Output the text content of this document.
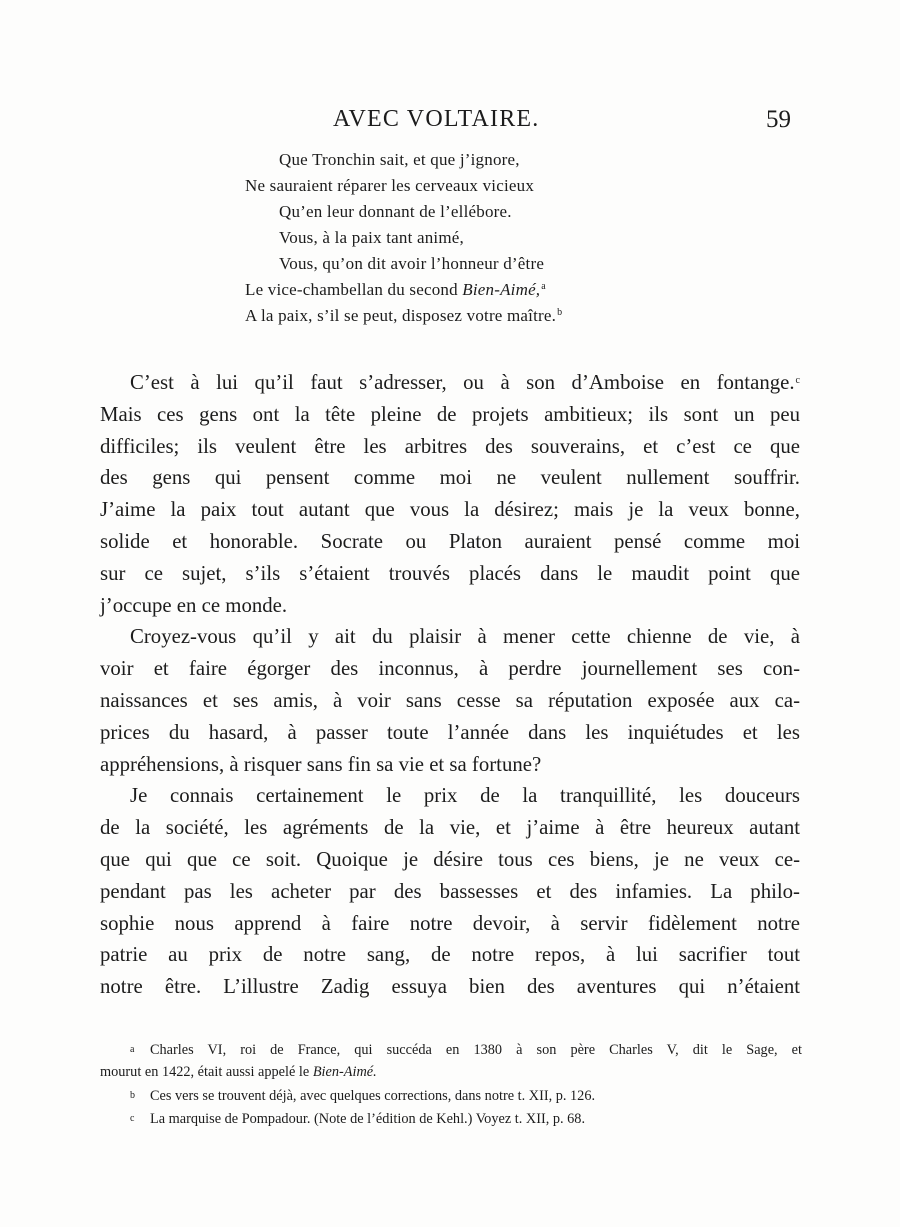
AVEC VOLTAIRE.	59
Que Tronchin sait, et que j’ignore,
Ne sauraient réparer les cerveaux vicieux
Qu’en leur donnant de l’ellébore.
Vous, à la paix tant animé,
Vous, qu’on dit avoir l’honneur d’être
Le vice-chambellan du second Bien-Aimé,$^a$
A la paix, s’il se peut, disposez votre maître.$^b$
C’est à lui qu’il faut s’adresser, ou à son d’Amboise en fontange.$^c$
Mais ces gens ont la tête pleine de projets ambitieux; ils sont un peu
difficiles; ils veulent être les arbitres des souverains, et c’est ce que
des gens qui pensent comme moi ne veulent nullement souffrir.
J’aime la paix tout autant que vous la désirez; mais je la veux bonne,
solide et honorable. Socrate ou Platon auraient pensé comme moi
sur ce sujet, s’ils s’étaient trouvés placés dans le maudit point que
j’occupe en ce monde.
Croyez-vous qu’il y ait du plaisir à mener cette chienne de vie, à
voir et faire égorger des inconnus, à perdre journellement ses con-
naissances et ses amis, à voir sans cesse sa réputation exposée aux ca-
prices du hasard, à passer toute l’année dans les inquiétudes et les
appréhensions, à risquer sans fin sa vie et sa fortune?
Je connais certainement le prix de la tranquillité, les douceurs
de la société, les agréments de la vie, et j’aime à être heureux autant
que qui que ce soit. Quoique je désire tous ces biens, je ne veux ce-
pendant pas les acheter par des bassesses et des infamies. La philo-
sophie nous apprend à faire notre devoir, à servir fidèlement notre
patrie au prix de notre sang, de notre repos, à lui sacrifier tout
notre être. L’illustre Zadig essuya bien des aventures qui n’étaient
a Charles VI, roi de France, qui succéda en 1380 à son père Charles V, dit le Sage, et
mourut en 1422, était aussi appelé le Bien-Aimé.
b Ces vers se trouvent déjà, avec quelques corrections, dans notre t. XII, p. 126.
c La marquise de Pompadour. (Note de l’édition de Kehl.) Voyez t. XII, p. 68.
